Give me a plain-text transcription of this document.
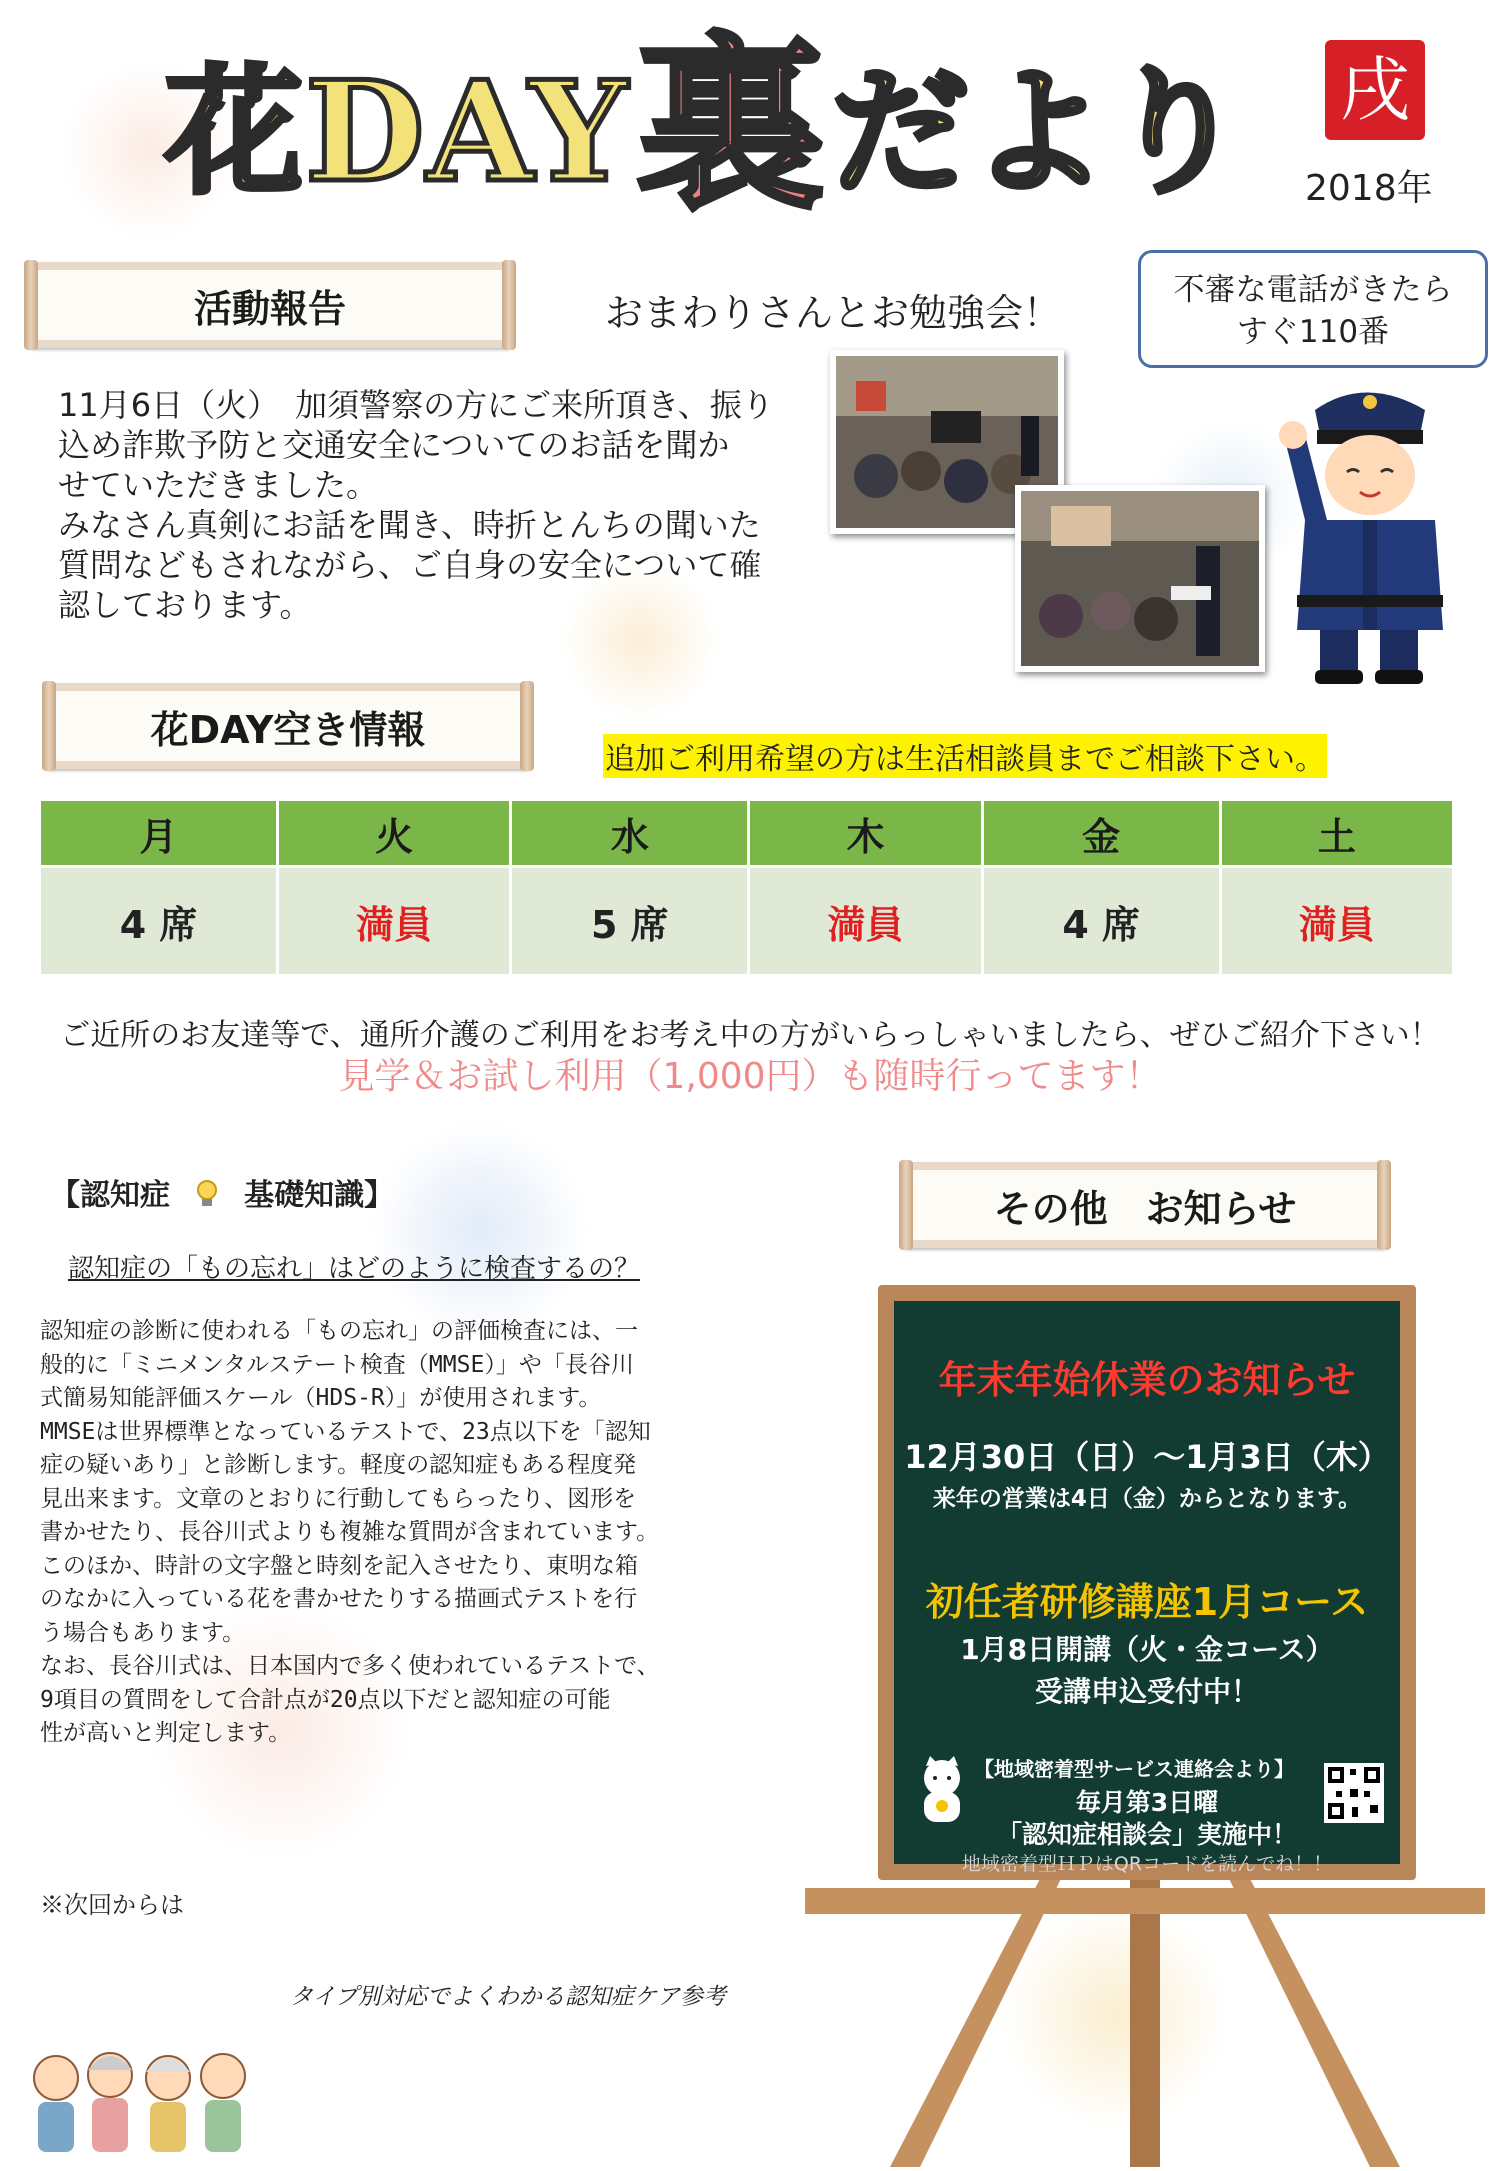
花DAY 裏 だより 戌
2018年
活動報告	おまわりさんとお勉強会！
不審な電話がきたら
すぐ110番
11月6日（火）　加須警察の方にご来所頂き、振り
込め詐欺予防と交通安全についてのお話を聞か
せていただきました。
みなさん真剣にお話を聞き、時折とんちの聞いた
質問などもされながら、ご自身の安全について確
認しております。
花DAY空き情報
追加ご利用希望の方は生活相談員までご相談下さい。
月	火	水	木	金	土
4 席	満員	5 席	満員	4 席	満員
ご近所のお友達等で、通所介護のご利用をお考え中の方がいらっしゃいましたら、ぜひご紹介下さい！
見学＆お試し利用（1,000円）も随時行ってます！
【認知症 基礎知識】
認知症の「もの忘れ」はどのように検査するの？
認知症の診断に使われる「もの忘れ」の評価検査には、一
般的に「ミニメンタルステート検査（MMSE）」や「長谷川
式簡易知能評価スケール（HDS-R）」が使用されます。
MMSEは世界標準となっているテストで、23点以下を「認知
症の疑いあり」と診断します。軽度の認知症もある程度発
見出来ます。文章のとおりに行動してもらったり、図形を
書かせたり、長谷川式よりも複雑な質問が含まれています。
このほか、時計の文字盤と時刻を記入させたり、東明な箱
のなかに入っている花を書かせたりする描画式テストを行
う場合もあります。
なお、長谷川式は、日本国内で多く使われているテストで、
9項目の質問をして合計点が20点以下だと認知症の可能
性が高いと判定します。
※次回からは
タイプ別対応でよくわかる認知症ケア参考
その他　お知らせ
年末年始休業のお知らせ
12月30日（日）～1月3日（木）
来年の営業は4日（金）からとなります。
初任者研修講座1月コース
1月8日開講（火・金コース）
受講申込受付中！
【地域密着型サービス連絡会より】
毎月第3日曜
「認知症相談会」実施中！
地域密着型ＨＰはQRコードを読んでね！！
